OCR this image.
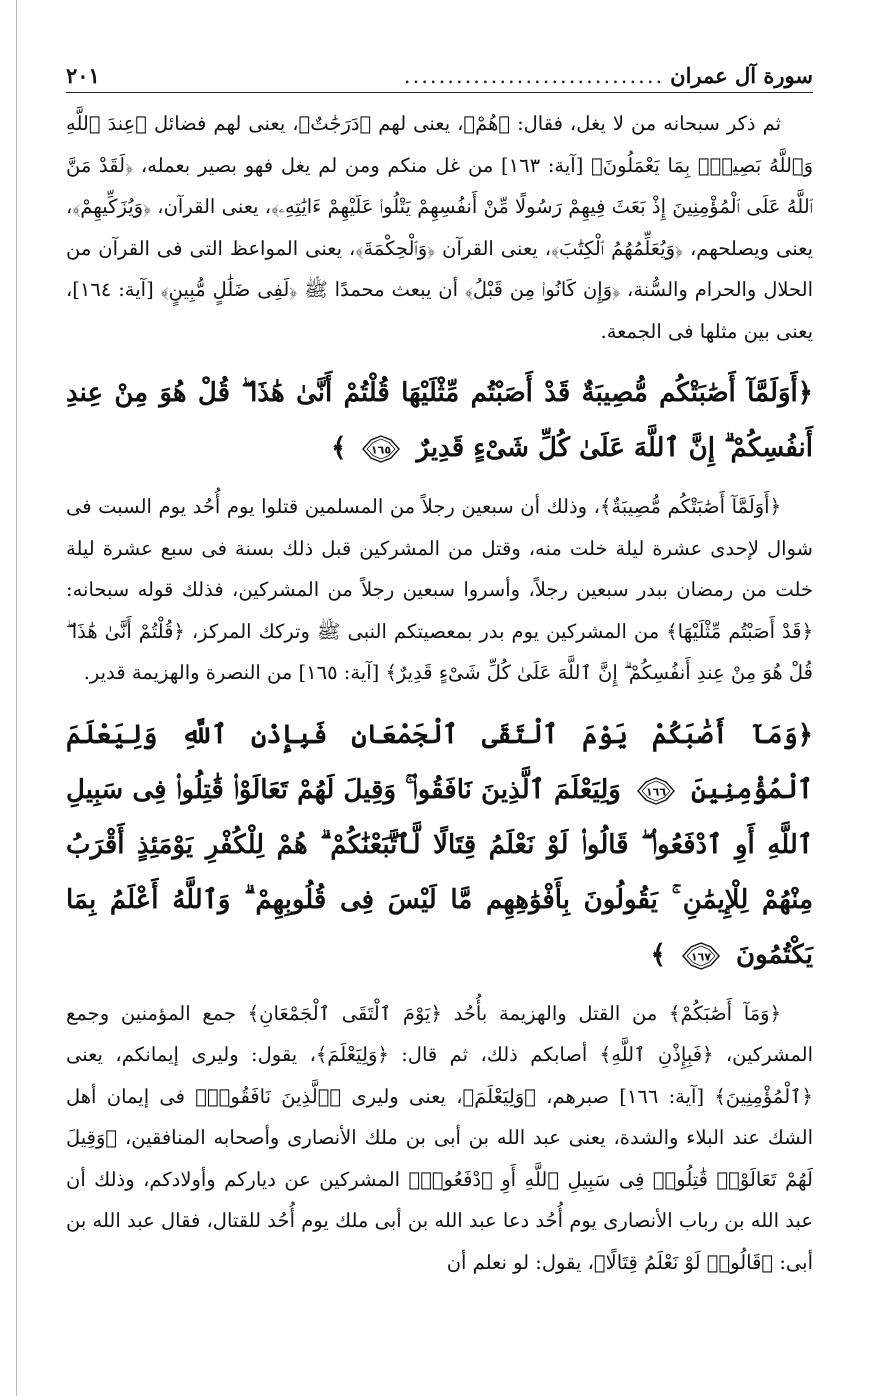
سورة آل عمران
..............................
٢٠١

ثم ذكر سبحانه من لا يغل، فقال: ﴿هُمْ﴾، يعنى لهم ﴿دَرَجَٰتٌ﴾، يعنى لهم فضائل ﴿عِندَ ٱللَّهِ وَٱللَّهُ بَصِيرٌۢ بِمَا يَعْمَلُونَ﴾ [آية: ١٦٣] من غل منكم ومن لم يغل فهو بصير بعمله، ﴿لَقَدْ مَنَّ ٱللَّهُ عَلَى ٱلْمُؤْمِنِينَ إِذْ بَعَثَ فِيهِمْ رَسُولًا مِّنْ أَنفُسِهِمْ يَتْلُوا۟ عَلَيْهِمْ ءَايَٰتِهِۦ﴾، يعنى القرآن، ﴿وَيُزَكِّيهِمْ﴾، يعنى ويصلحهم، ﴿وَيُعَلِّمُهُمُ ٱلْكِتَٰبَ﴾، يعنى القرآن ﴿وَٱلْحِكْمَةَ﴾، يعنى المواعظ التى فى القرآن من الحلال والحرام والسُّنة، ﴿وَإِن كَانُوا۟ مِن قَبْلُ﴾ أن يبعث محمدًا ﷺ ﴿لَفِى ضَلَٰلٍ مُّبِينٍ﴾ [آية: ١٦٤]، يعنى بين مثلها فى الجمعة.

﴿أَوَلَمَّآ أَصَٰبَتْكُم مُّصِيبَةٌ قَدْ أَصَبْتُم مِّثْلَيْهَا قُلْتُمْ أَنَّىٰ هَٰذَا ۖ قُلْ هُوَ مِنْ عِندِ أَنفُسِكُمْ ۗ إِنَّ ٱللَّهَ عَلَىٰ كُلِّ شَىْءٍ قَدِيرٌ
١٦٥
﴾

﴿أَوَلَمَّآ أَصَٰبَتْكُم مُّصِيبَةٌ﴾، وذلك أن سبعين رجلاً من المسلمين قتلوا يوم أُحُد يوم السبت فى شوال لإحدى عشرة ليلة خلت منه، وقتل من المشركين قبل ذلك بسنة فى سبع عشرة ليلة خلت من رمضان ببدر سبعين رجلاً، وأسروا سبعين رجلاً من المشركين، فذلك قوله سبحانه: ﴿قَدْ أَصَبْتُم مِّثْلَيْهَا﴾ من المشركين يوم بدر بمعصيتكم النبى ﷺ وتركك المركز، ﴿قُلْتُمْ أَنَّىٰ هَٰذَا ۖ قُلْ هُوَ مِنْ عِندِ أَنفُسِكُمْ ۗ إِنَّ ٱللَّهَ عَلَىٰ كُلِّ شَىْءٍ قَدِيرٌ﴾ [آية: ١٦٥] من النصرة والهزيمة قدير.

﴿وَمَآ أَصَٰبَكُمْ يَوْمَ ٱلْتَقَى ٱلْجَمْعَانِ فَبِإِذْنِ ٱللَّهِ وَلِيَعْلَمَ ٱلْمُؤْمِنِينَ
١٦٦
وَلِيَعْلَمَ ٱلَّذِينَ نَافَقُوا۟ ۚ وَقِيلَ لَهُمْ تَعَالَوْا۟ قَٰتِلُوا۟ فِى سَبِيلِ ٱللَّهِ أَوِ ٱدْفَعُوا۟ ۖ قَالُوا۟ لَوْ نَعْلَمُ قِتَالًا لَّٱتَّبَعْنَٰكُمْ ۗ هُمْ لِلْكُفْرِ يَوْمَئِذٍ أَقْرَبُ مِنْهُمْ لِلْإِيمَٰنِ ۚ يَقُولُونَ بِأَفْوَٰهِهِم مَّا لَيْسَ فِى قُلُوبِهِمْ ۗ وَٱللَّهُ أَعْلَمُ بِمَا يَكْتُمُونَ
١٦٧
﴾

﴿وَمَآ أَصَٰبَكُمْ﴾ من القتل والهزيمة بأُحُد ﴿يَوْمَ ٱلْتَقَى ٱلْجَمْعَانِ﴾ جمع المؤمنين وجمع المشركين، ﴿فَبِإِذْنِ ٱللَّهِ﴾ أصابكم ذلك، ثم قال: ﴿وَلِيَعْلَمَ﴾، يقول: وليرى إيمانكم، يعنى ﴿ٱلْمُؤْمِنِينَ﴾ [آية: ١٦٦] صبرهم، ﴿وَلِيَعْلَمَ﴾، يعنى وليرى ﴿ٱلَّذِينَ نَافَقُوا۟﴾ فى إيمان أهل الشك عند البلاء والشدة، يعنى عبد الله بن أبى بن ملك الأنصارى وأصحابه المنافقين، ﴿وَقِيلَ لَهُمْ تَعَالَوْا۟ قَٰتِلُوا۟ فِى سَبِيلِ ٱللَّهِ أَوِ ٱدْفَعُوا۟﴾ المشركين عن دياركم وأولادكم، وذلك أن عبد الله بن رباب الأنصارى يوم أُحُد دعا عبد الله بن أبى ملك يوم أُحُد للقتال، فقال عبد الله بن أبى: ﴿قَالُوا۟ لَوْ نَعْلَمُ قِتَالًا﴾، يقول: لو نعلم أن
